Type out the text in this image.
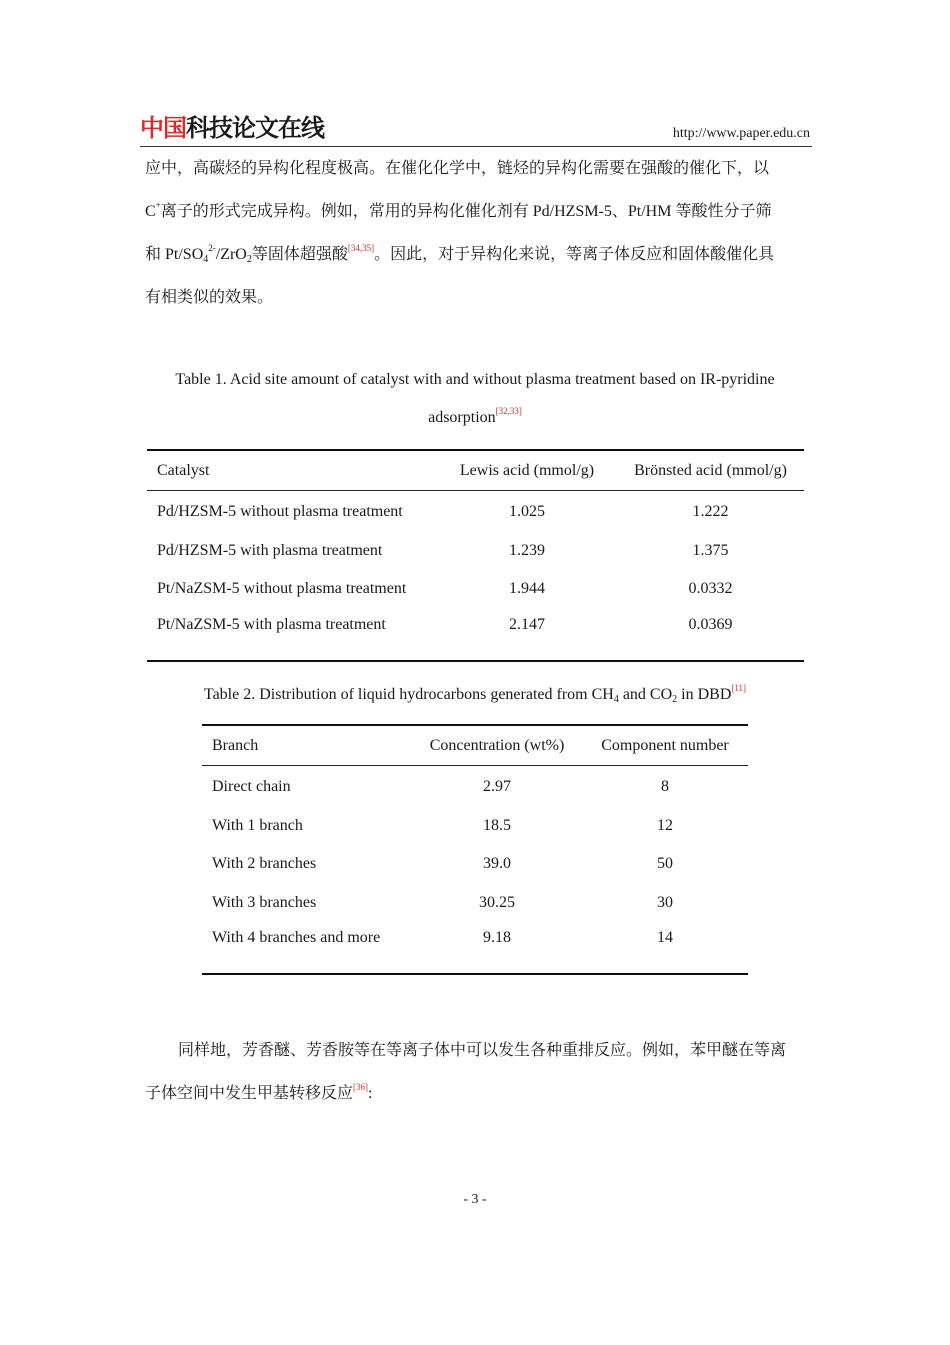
中国科技论文在线	http://www.paper.edu.cn

应中，高碳烃的异构化程度极高。在催化化学中，链烃的异构化需要在强酸的催化下，以
C+离子的形式完成异构。例如，常用的异构化催化剂有 Pd/HZSM-5、Pt/HM 等酸性分子筛
和 $Pt/SO_4^{2-}/ZrO_2$等固体超强酸[34,35]。因此，对于异构化来说，等离子体反应和固体酸催化具
有相类似的效果。

Table 1. Acid site amount of catalyst with and without plasma treatment based on IR-pyridine

adsorption[32,33]

Catalyst	Lewis acid (mmol/g)	Brönsted acid (mmol/g)
Pd/HZSM-5 without plasma treatment	1.025	1.222
Pd/HZSM-5 with plasma treatment	1.239	1.375
Pt/NaZSM-5 without plasma treatment	1.944	0.0332
Pt/NaZSM-5 with plasma treatment	2.147	0.0369

Table 2. Distribution of liquid hydrocarbons generated from $CH_4$ and $CO_2$ in DBD[11]

Branch	Concentration (wt%)	Component number
Direct chain	2.97	8
With 1 branch	18.5	12
With 2 branches	39.0	50
With 3 branches	30.25	30
With 4 branches and more	9.18	14

同样地，芳香醚、芳香胺等在等离子体中可以发生各种重排反应。例如，苯甲醚在等离
子体空间中发生甲基转移反应[36]:

- 3 -
